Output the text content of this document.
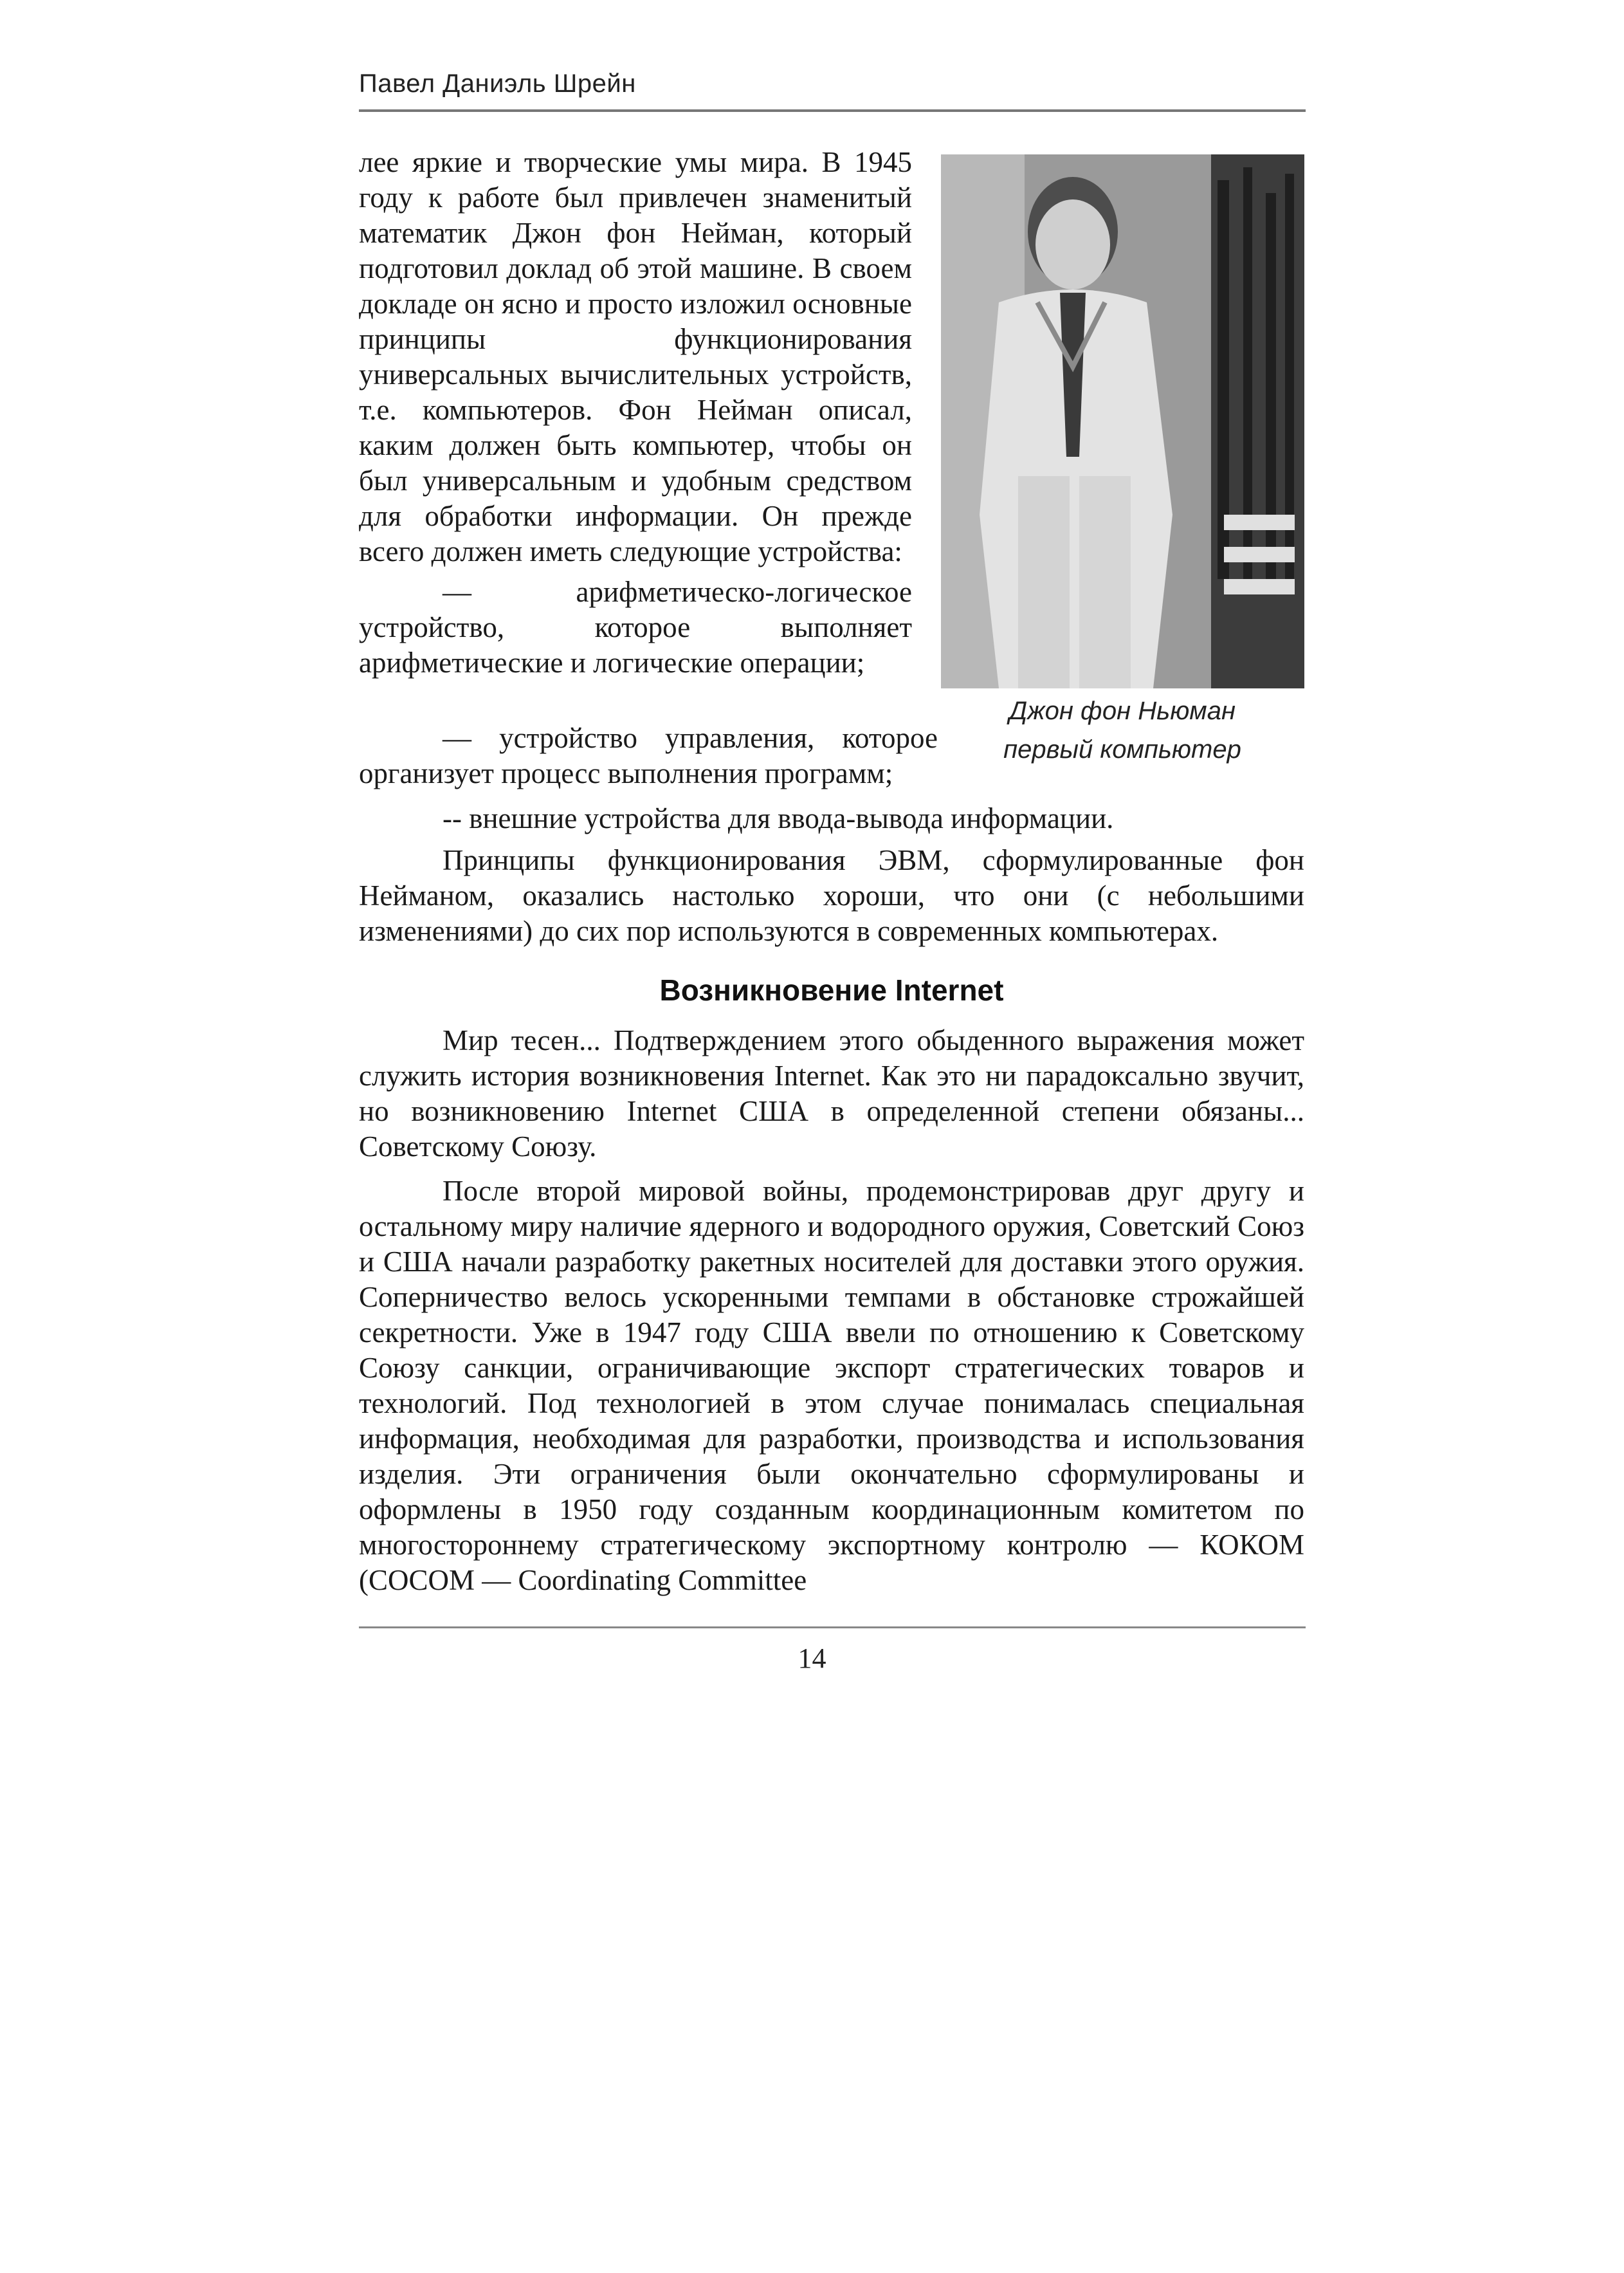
Павел Даниэль Шрейн

лее яркие и творческие умы мира. В 1945 году к работе был привлечен знаменитый математик Джон фон Нейман, который подготовил доклад об этой машине. В своем докладе он ясно и просто изложил основные принципы функционирования универсальных вычислительных устройств, т.е. компьютеров. Фон Нейман описал, каким должен быть компьютер, чтобы он был универсальным и удобным средством для обработки информации. Он прежде всего должен иметь следующие устройства:

— арифметическо-логическое устройство, которое выполняет арифметические и логические операции;

Джон фон Ньюман
первый компьютер

— устройство управления, которое организует процесс выполнения программ;

-- внешние устройства для ввода-вывода информации.

Принципы функционирования ЭВМ, сформулированные фон Нейманом, оказались настолько хороши, что они (с небольшими изменениями) до сих пор используются в современных компьютерах.

Возникновение Internet

Мир тесен... Подтверждением этого обыденного выражения может служить история возникновения Internet. Как это ни парадоксально звучит, но возникновению Internet США в определенной степени обязаны... Советскому Союзу.

После второй мировой войны, продемонстрировав друг другу и остальному миру наличие ядерного и водородного оружия, Советский Союз и США начали разработку ракетных носителей для доставки этого оружия. Соперничество велось ускоренными темпами в обстановке строжайшей секретности. Уже в 1947 году США ввели по отношению к Советскому Союзу санкции, ограничивающие экспорт стратегических товаров и технологий. Под технологией в этом случае понималась специальная информация, необходимая для разработки, производства и использования изделия. Эти ограничения были окончательно сформулированы и оформлены в 1950 году созданным координационным комитетом по многостороннему стратегическому экспортному контролю — КОКОМ (COCOM — Coordinating Committee

14
